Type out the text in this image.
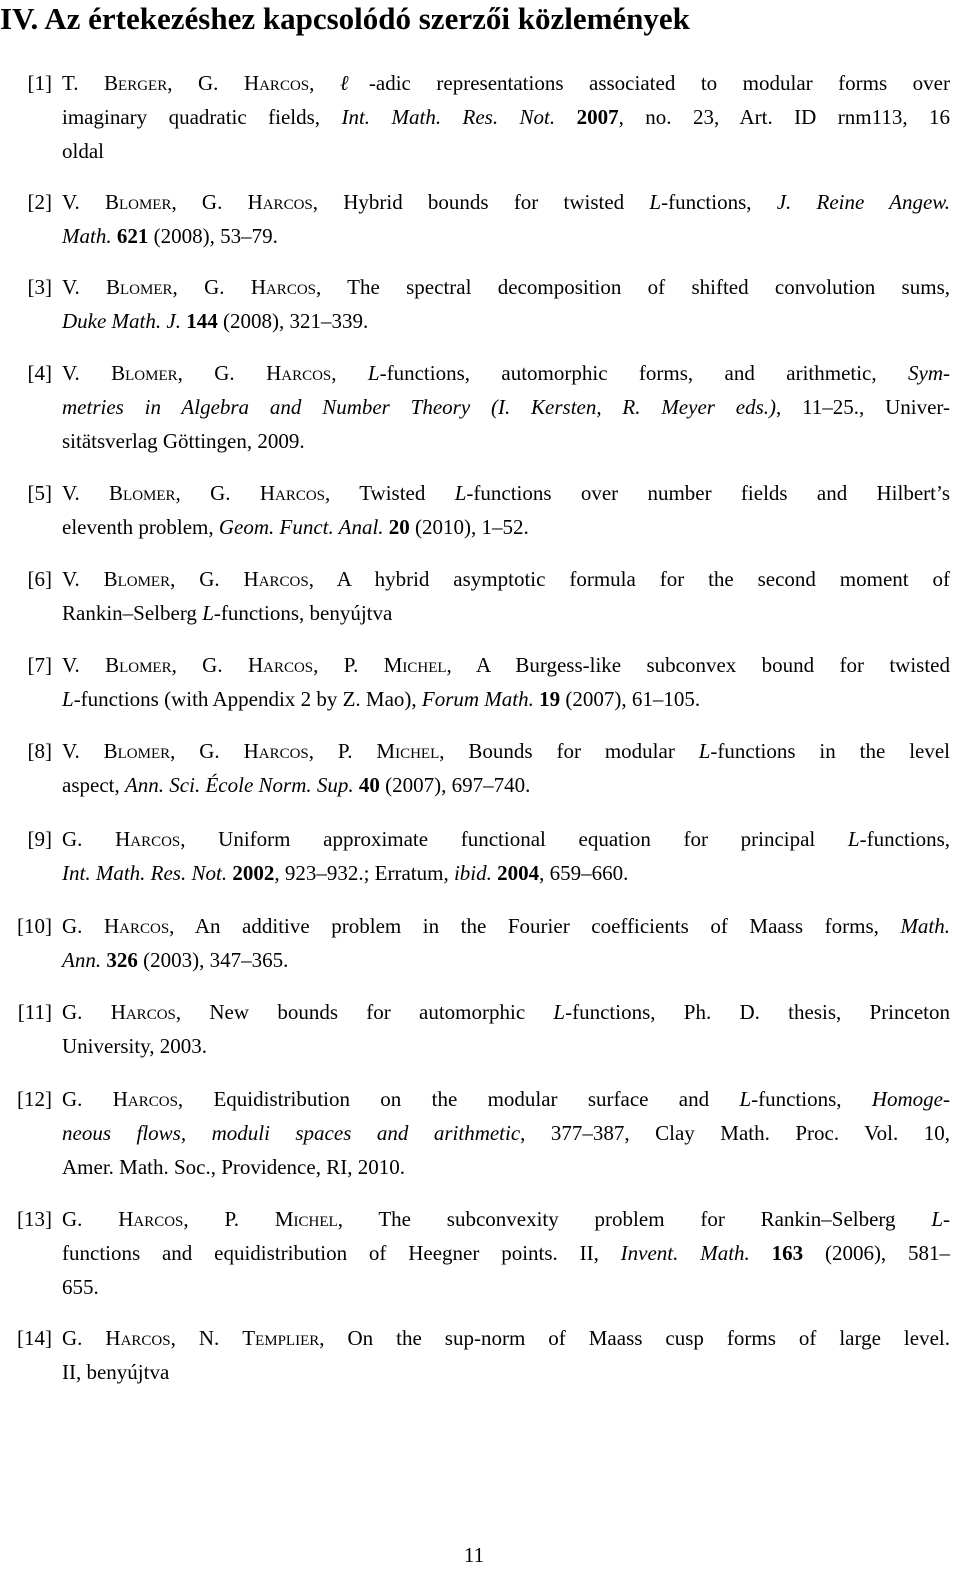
IV. Az értekezéshez kapcsolódó szerzői közlemények
[1] T. Berger, G. Harcos, ℓ-adic representations associated to modular forms over
imaginary quadratic fields, Int. Math. Res. Not. 2007, no. 23, Art. ID rnm113, 16
oldal
[2] V. Blomer, G. Harcos, Hybrid bounds for twisted L-functions, J. Reine Angew.
Math. 621 (2008), 53–79.
[3] V. Blomer, G. Harcos, The spectral decomposition of shifted convolution sums,
Duke Math. J. 144 (2008), 321–339.
[4] V. Blomer, G. Harcos, L-functions, automorphic forms, and arithmetic, Sym-
metries in Algebra and Number Theory (I. Kersten, R. Meyer eds.), 11–25., Univer-
sitätsverlag Göttingen, 2009.
[5] V. Blomer, G. Harcos, Twisted L-functions over number fields and Hilbert’s
eleventh problem, Geom. Funct. Anal. 20 (2010), 1–52.
[6] V. Blomer, G. Harcos, A hybrid asymptotic formula for the second moment of
Rankin–Selberg L-functions, benyújtva
[7] V. Blomer, G. Harcos, P. Michel, A Burgess-like subconvex bound for twisted
L-functions (with Appendix 2 by Z. Mao), Forum Math. 19 (2007), 61–105.
[8] V. Blomer, G. Harcos, P. Michel, Bounds for modular L-functions in the level
aspect, Ann. Sci. École Norm. Sup. 40 (2007), 697–740.
[9] G. Harcos, Uniform approximate functional equation for principal L-functions,
Int. Math. Res. Not. 2002, 923–932.; Erratum, ibid. 2004, 659–660.
[10] G. Harcos, An additive problem in the Fourier coefficients of Maass forms, Math.
Ann. 326 (2003), 347–365.
[11] G. Harcos, New bounds for automorphic L-functions, Ph. D. thesis, Princeton
University, 2003.
[12] G. Harcos, Equidistribution on the modular surface and L-functions, Homoge-
neous flows, moduli spaces and arithmetic, 377–387, Clay Math. Proc. Vol. 10,
Amer. Math. Soc., Providence, RI, 2010.
[13] G. Harcos, P. Michel, The subconvexity problem for Rankin–Selberg L-
functions and equidistribution of Heegner points. II, Invent. Math. 163 (2006), 581–
655.
[14] G. Harcos, N. Templier, On the sup-norm of Maass cusp forms of large level.
II, benyújtva
11
